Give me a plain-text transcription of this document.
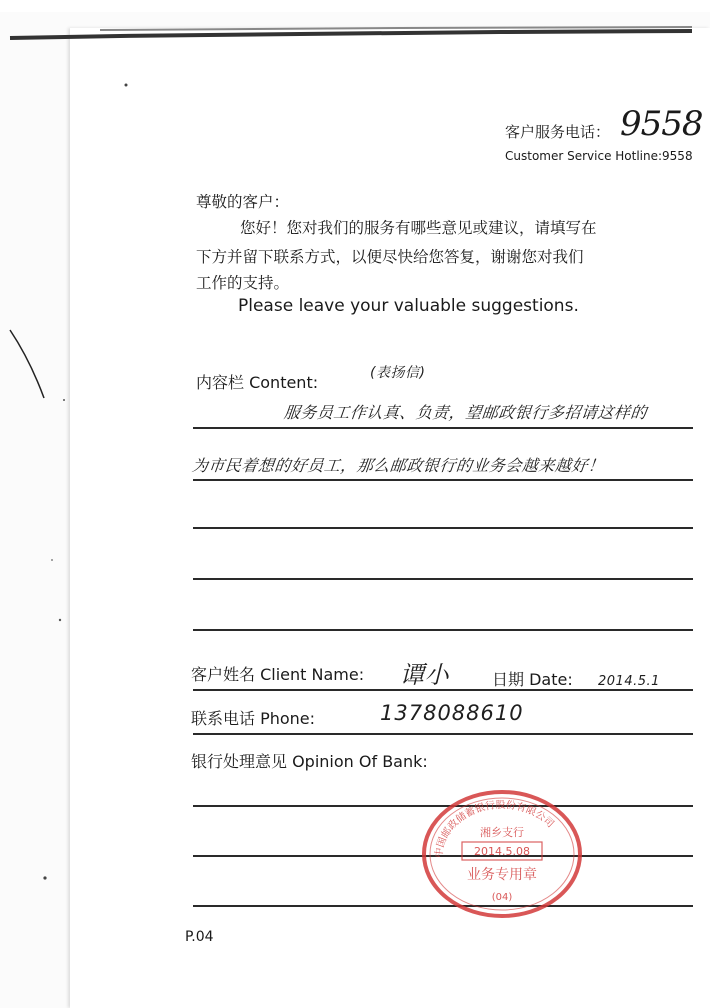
客户服务电话： 9558
Customer Service Hotline:9558
尊敬的客户：
您好！您对我们的服务有哪些意见或建议，请填写在
下方并留下联系方式，以便尽快给您答复，谢谢您对我们
工作的支持。
Please leave your valuable suggestions.
内容栏 Content:	(表扬信)
服务员工作认真、负责，望邮政银行多招请这样的
为市民着想的好员工，那么邮政银行的业务会越来越好！
客户姓名 Client Name: 谭小	日期 Date: 2014.5.1
联系电话 Phone:	1378088610
银行处理意见 Opinion Of Bank:
中国邮政储蓄银行股份有限公司
湘乡支行
2014.5.08
业务专用章
(04)
P.04
